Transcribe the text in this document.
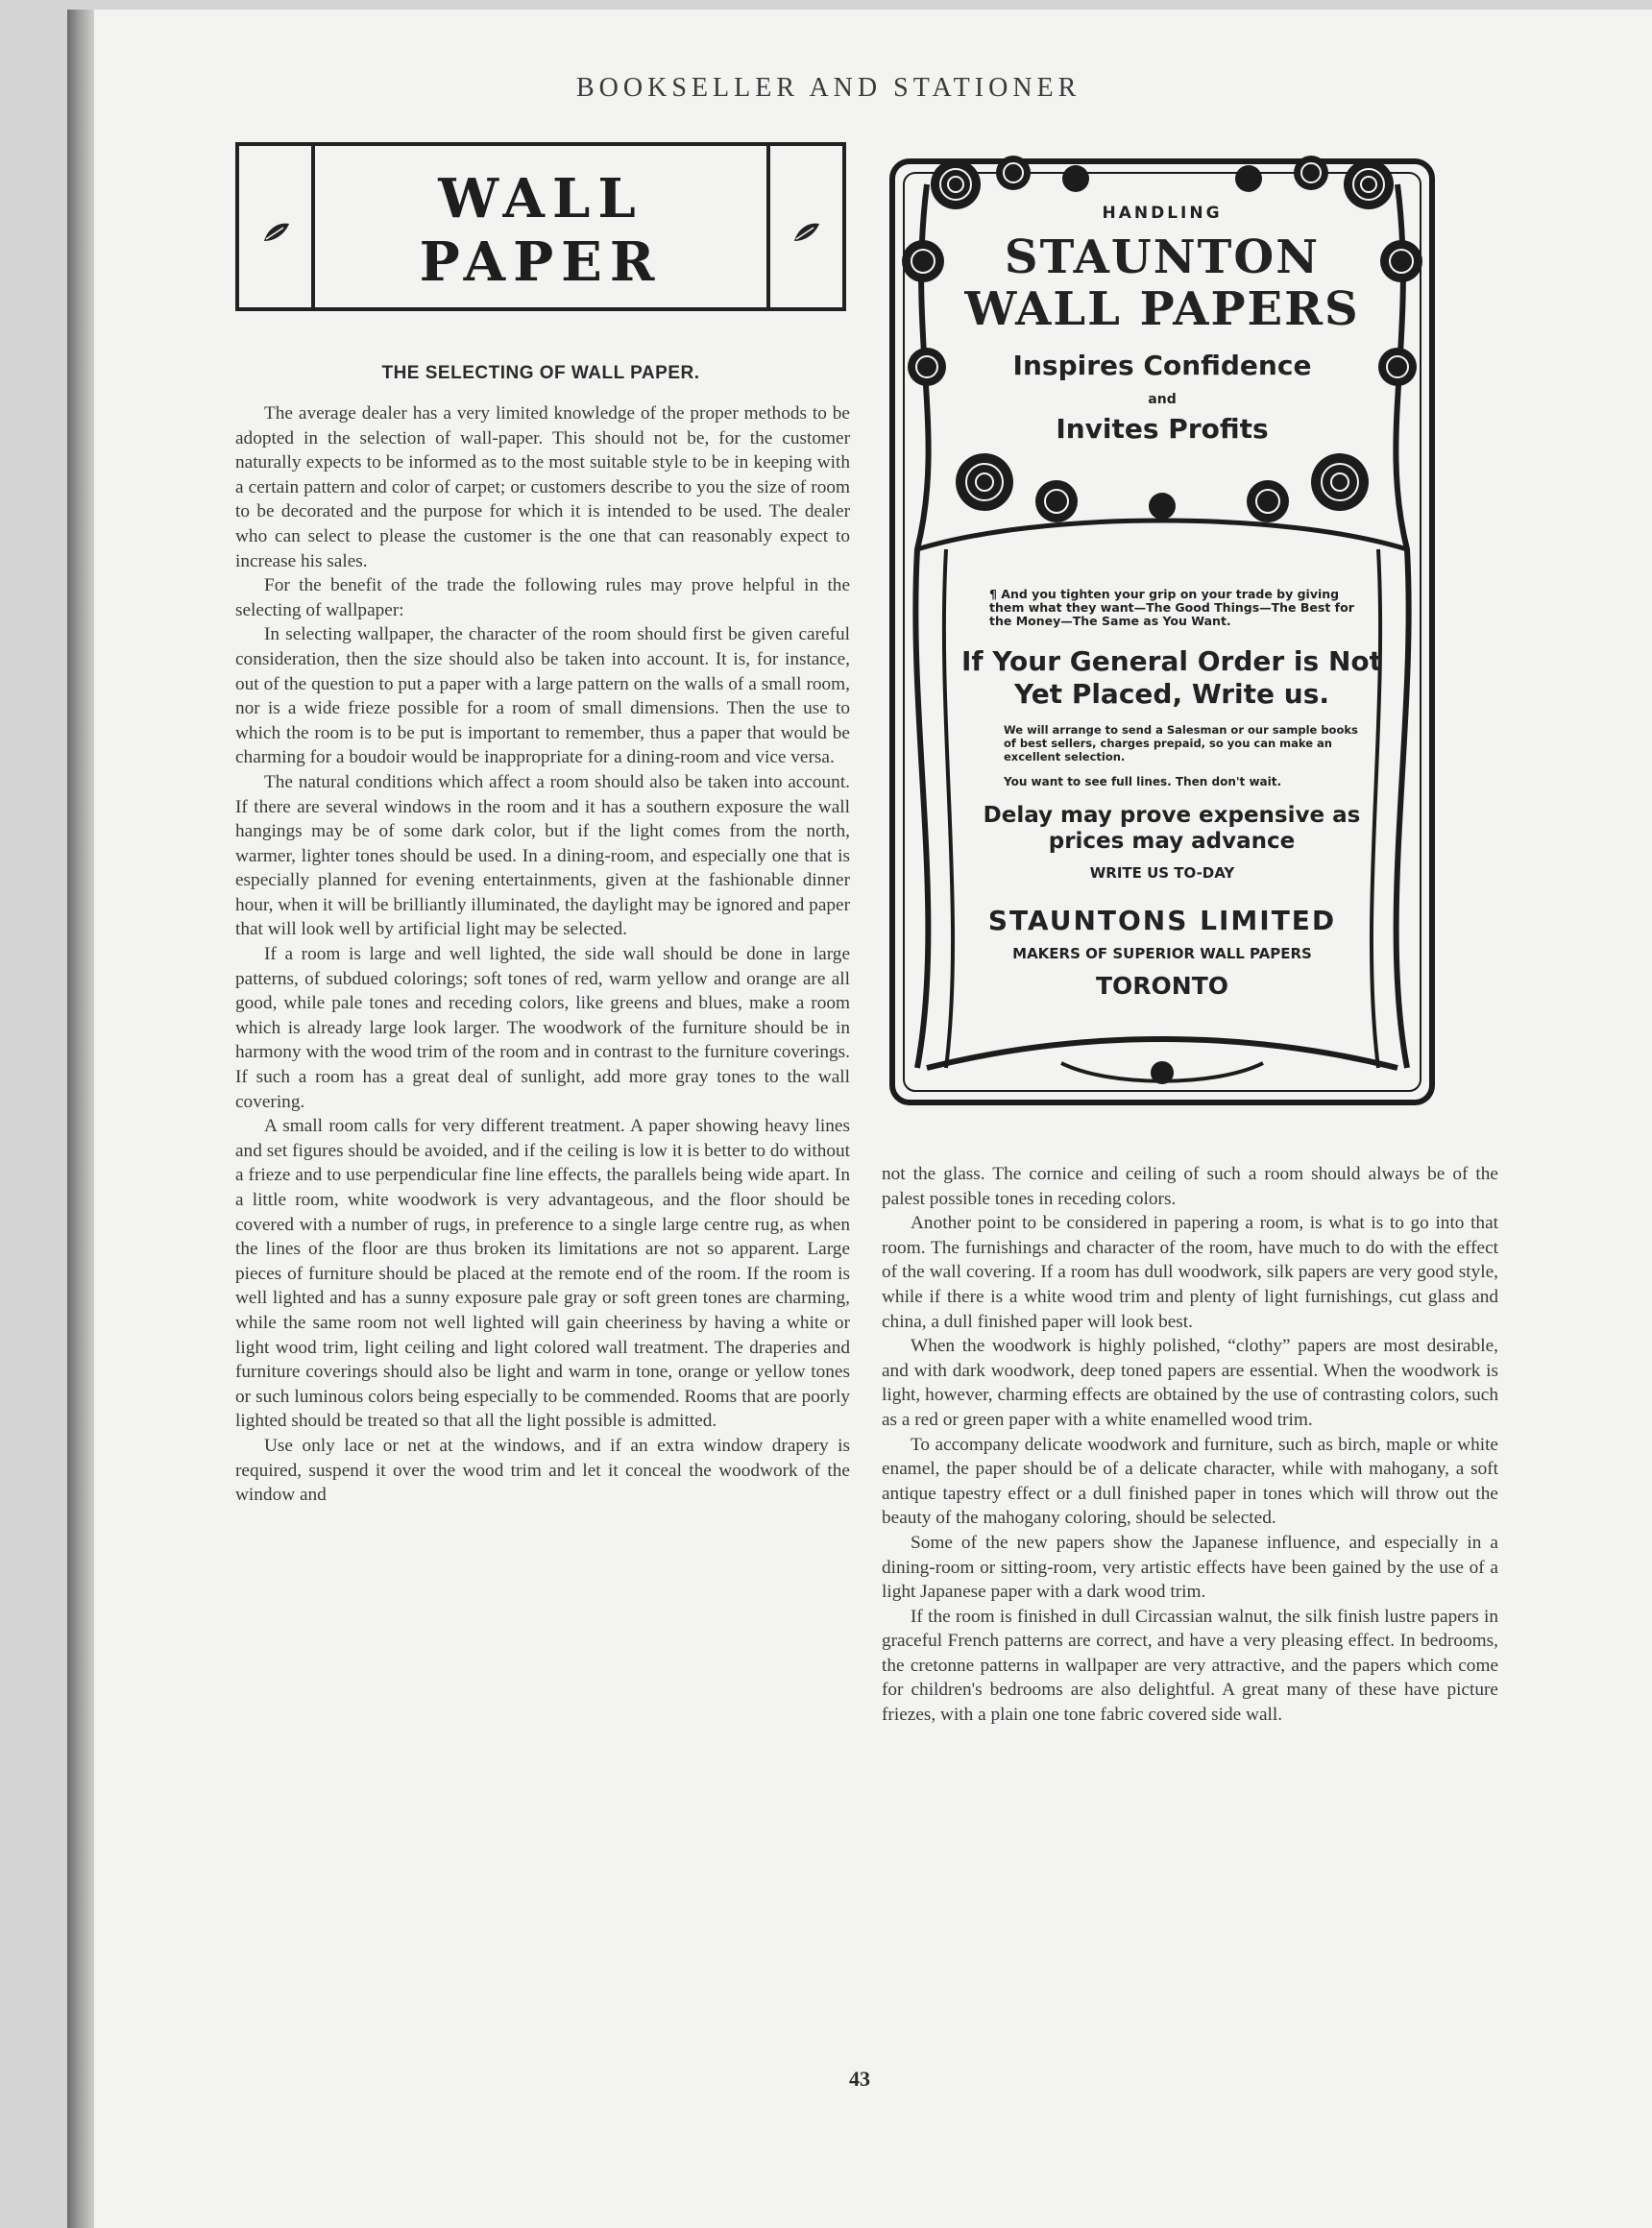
BOOKSELLER AND STATIONER
WALL
PAPER
THE SELECTING OF WALL PAPER.

The average dealer has a very limited knowledge of the proper methods to be adopted in the selection of wall-paper. This should not be, for the customer naturally expects to be informed as to the most suitable style to be in keeping with a certain pattern and color of carpet; or customers describe to you the size of room to be decorated and the purpose for which it is intended to be used. The dealer who can select to please the customer is the one that can reasonably expect to increase his sales.

For the benefit of the trade the following rules may prove helpful in the selecting of wallpaper:

In selecting wallpaper, the character of the room should first be given careful consideration, then the size should also be taken into account. It is, for instance, out of the question to put a paper with a large pattern on the walls of a small room, nor is a wide frieze possible for a room of small dimensions. Then the use to which the room is to be put is important to remember, thus a paper that would be charming for a boudoir would be inappropriate for a dining-room and vice versa.

The natural conditions which affect a room should also be taken into account. If there are several windows in the room and it has a southern exposure the wall hangings may be of some dark color, but if the light comes from the north, warmer, lighter tones should be used. In a dining-room, and especially one that is especially planned for evening entertainments, given at the fashionable dinner hour, when it will be brilliantly illuminated, the daylight may be ignored and paper that will look well by artificial light may be selected.

If a room is large and well lighted, the side wall should be done in large patterns, of subdued colorings; soft tones of red, warm yellow and orange are all good, while pale tones and receding colors, like greens and blues, make a room which is already large look larger. The woodwork of the furniture should be in harmony with the wood trim of the room and in contrast to the furniture coverings. If such a room has a great deal of sunlight, add more gray tones to the wall covering.

A small room calls for very different treatment. A paper showing heavy lines and set figures should be avoided, and if the ceiling is low it is better to do without a frieze and to use perpendicular fine line effects, the parallels being wide apart. In a little room, white woodwork is very advantageous, and the floor should be covered with a number of rugs, in preference to a single large centre rug, as when the lines of the floor are thus broken its limitations are not so apparent. Large pieces of furniture should be placed at the remote end of the room. If the room is well lighted and has a sunny exposure pale gray or soft green tones are charming, while the same room not well lighted will gain cheeriness by having a white or light wood trim, light ceiling and light colored wall treatment. The draperies and furniture coverings should also be light and warm in tone, orange or yellow tones or such luminous colors being especially to be commended. Rooms that are poorly lighted should be treated so that all the light possible is admitted.

Use only lace or net at the windows, and if an extra window drapery is required, suspend it over the wood trim and let it conceal the woodwork of the window and

HANDLING
STAUNTON
WALL PAPERS
Inspires Confidence
and
Invites Profits
¶ And you tighten your grip on your trade by giving them what they want—The Good Things—The Best for the Money—The Same as You Want.
If Your General Order is Not Yet Placed, Write us.
We will arrange to send a Salesman or our sample books of best sellers, charges prepaid, so you can make an excellent selection.
You want to see full lines. Then don't wait.
Delay may prove expensive as prices may advance
WRITE US TO-DAY
STAUNTONS LIMITED
MAKERS OF SUPERIOR WALL PAPERS
TORONTO

not the glass. The cornice and ceiling of such a room should always be of the palest possible tones in receding colors.

Another point to be considered in papering a room, is what is to go into that room. The furnishings and character of the room, have much to do with the effect of the wall covering. If a room has dull woodwork, silk papers are very good style, while if there is a white wood trim and plenty of light furnishings, cut glass and china, a dull finished paper will look best.

When the woodwork is highly polished, “clothy” papers are most desirable, and with dark woodwork, deep toned papers are essential. When the woodwork is light, however, charming effects are obtained by the use of contrasting colors, such as a red or green paper with a white enamelled wood trim.

To accompany delicate woodwork and furniture, such as birch, maple or white enamel, the paper should be of a delicate character, while with mahogany, a soft antique tapestry effect or a dull finished paper in tones which will throw out the beauty of the mahogany coloring, should be selected.

Some of the new papers show the Japanese influence, and especially in a dining-room or sitting-room, very artistic effects have been gained by the use of a light Japanese paper with a dark wood trim.

If the room is finished in dull Circassian walnut, the silk finish lustre papers in graceful French patterns are correct, and have a very pleasing effect. In bedrooms, the cretonne patterns in wallpaper are very attractive, and the papers which come for children's bedrooms are also delightful. A great many of these have picture friezes, with a plain one tone fabric covered side wall.

43
